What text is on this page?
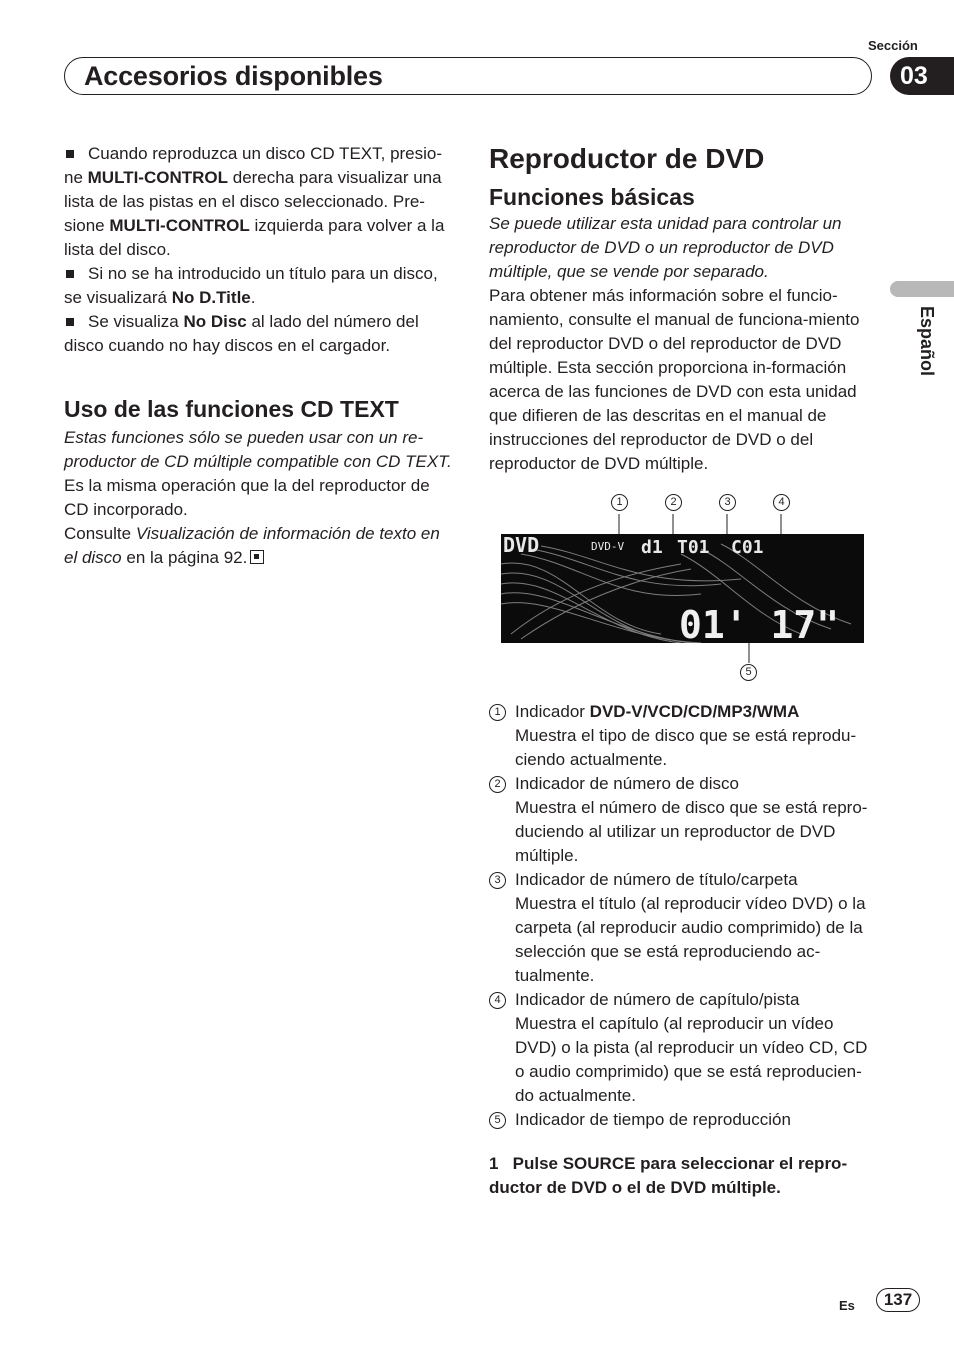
Sección
Accesorios disponibles	03
Español

Cuando reproduzca un disco CD TEXT, presio-
ne MULTI-CONTROL derecha para visualizar una lista de las pistas en el disco seleccionado. Pre-
sione MULTI-CONTROL izquierda para volver a la lista del disco.

Si no se ha introducido un título para un disco, se visualizará No D.Title.

Se visualiza No Disc al lado del número del disco cuando no hay discos en el cargador.

Uso de las funciones CD TEXT

Estas funciones sólo se pueden usar con un re-productor de CD múltiple compatible con CD TEXT.

Es la misma operación que la del reproductor de CD incorporado.

Consulte Visualización de información de texto en el disco en la página 92.

Reproductor de DVD
Funciones básicas

Se puede utilizar esta unidad para controlar un reproductor de DVD o un reproductor de DVD múltiple, que se vende por separado.

Para obtener más información sobre el funcio-namiento, consulte el manual de funciona-miento del reproductor DVD o del reproductor de DVD múltiple. Esta sección proporciona in-formación acerca de las funciones de DVD con esta unidad que difieren de las descritas en el manual de instrucciones del reproductor de DVD o del reproductor de DVD múltiple.

1	2	3	4
DVD	DVD-V d1 T01 C01
01' 17"
5
1 Indicador DVD-V/VCD/CD/MP3/WMA
Muestra el tipo de disco que se está reprodu-ciendo actualmente.
2 Indicador de número de disco
Muestra el número de disco que se está repro-duciendo al utilizar un reproductor de DVD múltiple.
3 Indicador de número de título/carpeta
Muestra el título (al reproducir vídeo DVD) o la carpeta (al reproducir audio comprimido) de la selección que se está reproduciendo ac-tualmente.
4 Indicador de número de capítulo/pista
Muestra el capítulo (al reproducir un vídeo DVD) o la pista (al reproducir un vídeo CD, CD o audio comprimido) que se está reproducien-do actualmente.
5 Indicador de tiempo de reproducción

1 Pulse SOURCE para seleccionar el repro-ductor de DVD o el de DVD múltiple.

Es	137
